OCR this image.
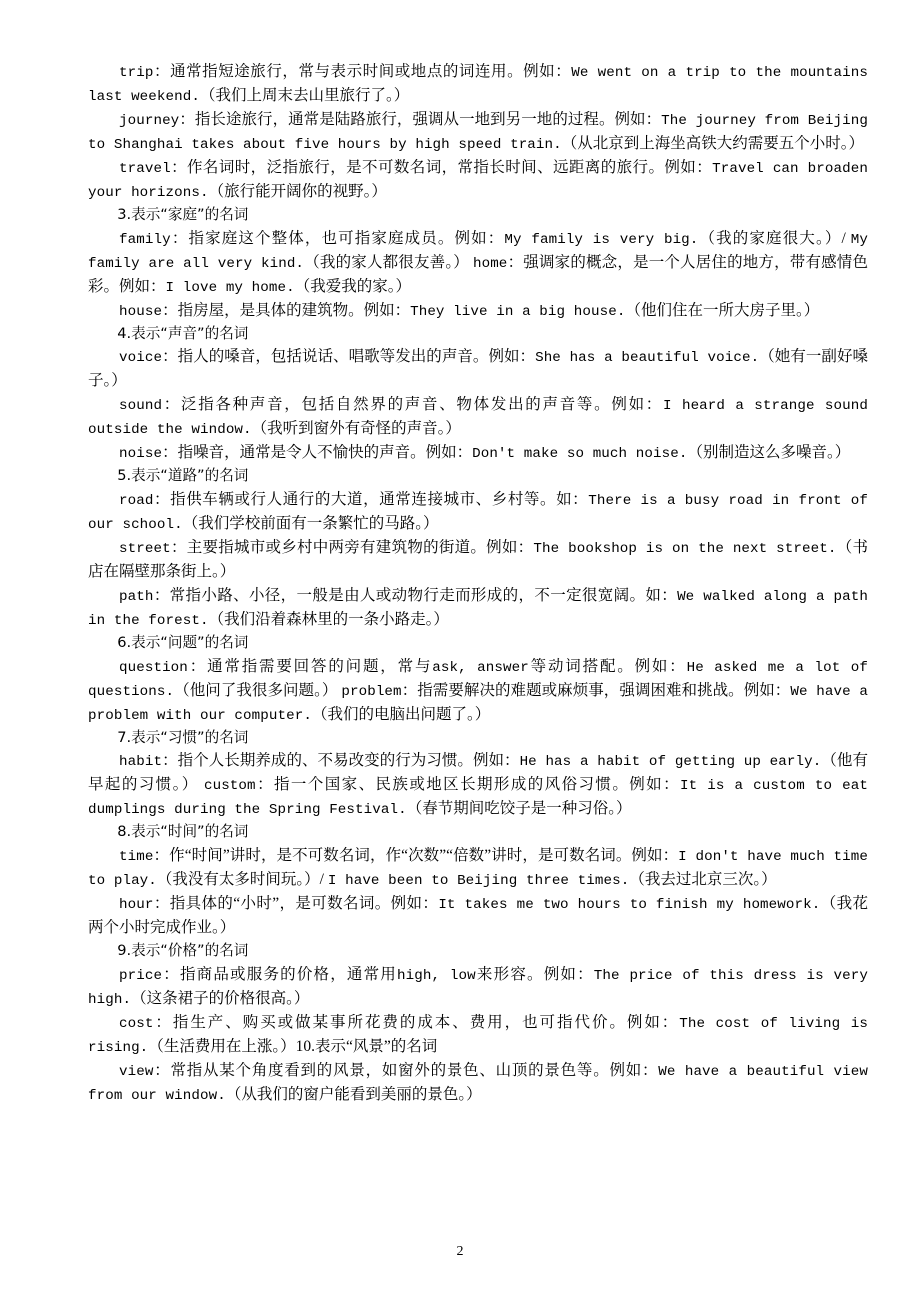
trip：通常指短途旅行，常与表示时间或地点的词连用。例如：We went on a trip to the mountains last weekend.（我们上周末去山里旅行了。）

journey：指长途旅行，通常是陆路旅行，强调从一地到另一地的过程。例如：The journey from Beijing to Shanghai takes about five hours by high speed train.（从北京到上海坐高铁大约需要五个小时。）

travel：作名词时，泛指旅行，是不可数名词，常指长时间、远距离的旅行。例如：Travel can broaden your horizons.（旅行能开阔你的视野。）

3.表示“家庭”的名词

family：指家庭这个整体，也可指家庭成员。例如：My family is very big.（我的家庭很大。）/ My family are all very kind.（我的家人都很友善。） home：强调家的概念，是一个人居住的地方，带有感情色彩。例如：I love my home.（我爱我的家。）

house：指房屋，是具体的建筑物。例如：They live in a big house.（他们住在一所大房子里。）

4.表示“声音”的名词

voice：指人的嗓音，包括说话、唱歌等发出的声音。例如：She has a beautiful voice.（她有一副好嗓子。）

sound：泛指各种声音，包括自然界的声音、物体发出的声音等。例如：I heard a strange sound outside the window.（我听到窗外有奇怪的声音。）

noise：指噪音，通常是令人不愉快的声音。例如：Don't make so much noise.（别制造这么多噪音。）

5.表示“道路”的名词

road：指供车辆或行人通行的大道，通常连接城市、乡村等。如：There is a busy road in front of our school.（我们学校前面有一条繁忙的马路。）

street：主要指城市或乡村中两旁有建筑物的街道。例如：The bookshop is on the next street.（书店在隔壁那条街上。）

path：常指小路、小径，一般是由人或动物行走而形成的，不一定很宽阔。如：We walked along a path in the forest.（我们沿着森林里的一条小路走。）

6.表示“问题”的名词

question：通常指需要回答的问题，常与ask, answer等动词搭配。例如：He asked me a lot of questions.（他问了我很多问题。） problem：指需要解决的难题或麻烦事，强调困难和挑战。例如：We have a problem with our computer.（我们的电脑出问题了。）

7.表示“习惯”的名词

habit：指个人长期养成的、不易改变的行为习惯。例如：He has a habit of getting up early.（他有早起的习惯。） custom：指一个国家、民族或地区长期形成的风俗习惯。例如：It is a custom to eat dumplings during the Spring Festival.（春节期间吃饺子是一种习俗。）

8.表示“时间”的名词

time：作“时间”讲时，是不可数名词，作“次数”“倍数”讲时，是可数名词。例如：I don't have much time to play.（我没有太多时间玩。）/ I have been to Beijing three times.（我去过北京三次。）

hour：指具体的“小时”，是可数名词。例如：It takes me two hours to finish my homework.（我花两个小时完成作业。）

9.表示“价格”的名词

price：指商品或服务的价格，通常用high, low来形容。例如：The price of this dress is very high.（这条裙子的价格很高。）

cost：指生产、购买或做某事所花费的成本、费用，也可指代价。例如：The cost of living is rising.（生活费用在上涨。）10.表示“风景”的名词

view：常指从某个角度看到的风景，如窗外的景色、山顶的景色等。例如：We have a beautiful view from our window.（从我们的窗户能看到美丽的景色。）

2
